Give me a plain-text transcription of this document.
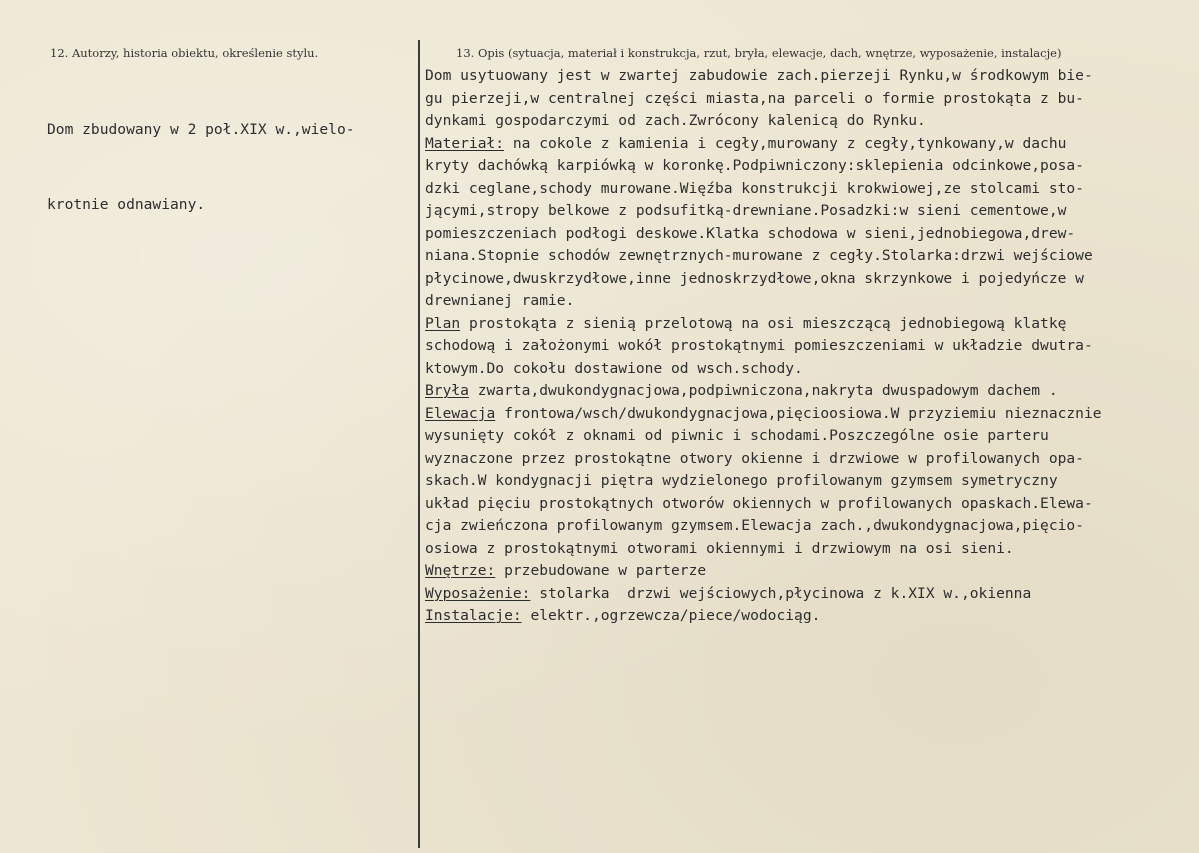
12. Autorzy, historia obiektu, określenie stylu.	13. Opis (sytuacja, materiał i konstrukcja, rzut, bryła, elewacje, dach, wnętrze, wyposażenie, instalacje)

Dom zbudowany w 2 poł.XIX w.,wielo-

krotnie odnawiany.

Dom usytuowany jest w zwartej zabudowie zach.pierzeji Rynku,w środkowym bie-
gu pierzeji,w centralnej części miasta,na parceli o formie prostokąta z bu-
dynkami gospodarczymi od zach.Zwrócony kalenicą do Rynku.
Materiał: na cokole z kamienia i cegły,murowany z cegły,tynkowany,w dachu
kryty dachówką karpiówką w koronkę.Podpiwniczony:sklepienia odcinkowe,posa-
dzki ceglane,schody murowane.Więźba konstrukcji krokwiowej,ze stolcami sto-
jącymi,stropy belkowe z podsufitką-drewniane.Posadzki:w sieni cementowe,w
pomieszczeniach podłogi deskowe.Klatka schodowa w sieni,jednobiegowa,drew-
niana.Stopnie schodów zewnętrznych-murowane z cegły.Stolarka:drzwi wejściowe
płycinowe,dwuskrzydłowe,inne jednoskrzydłowe,okna skrzynkowe i pojedyńcze w
drewnianej ramie.
Plan prostokąta z sienią przelotową na osi mieszczącą jednobiegową klatkę
schodową i założonymi wokół prostokątnymi pomieszczeniami w układzie dwutra-
ktowym.Do cokołu dostawione od wsch.schody.
Bryła zwarta,dwukondygnacjowa,podpiwniczona,nakryta dwuspadowym dachem .
Elewacja frontowa/wsch/dwukondygnacjowa,pięcioosiowa.W przyziemiu nieznacznie
wysunięty cokół z oknami od piwnic i schodami.Poszczególne osie parteru
wyznaczone przez prostokątne otwory okienne i drzwiowe w profilowanych opa-
skach.W kondygnacji piętra wydzielonego profilowanym gzymsem symetryczny
układ pięciu prostokątnych otworów okiennych w profilowanych opaskach.Elewa-
cja zwieńczona profilowanym gzymsem.Elewacja zach.,dwukondygnacjowa,pięcio-
osiowa z prostokątnymi otworami okiennymi i drzwiowym na osi sieni.
Wnętrze: przebudowane w parterze
Wyposażenie: stolarka  drzwi wejściowych,płycinowa z k.XIX w.,okienna
Instalacje: elektr.,ogrzewcza/piece/wodociąg.
